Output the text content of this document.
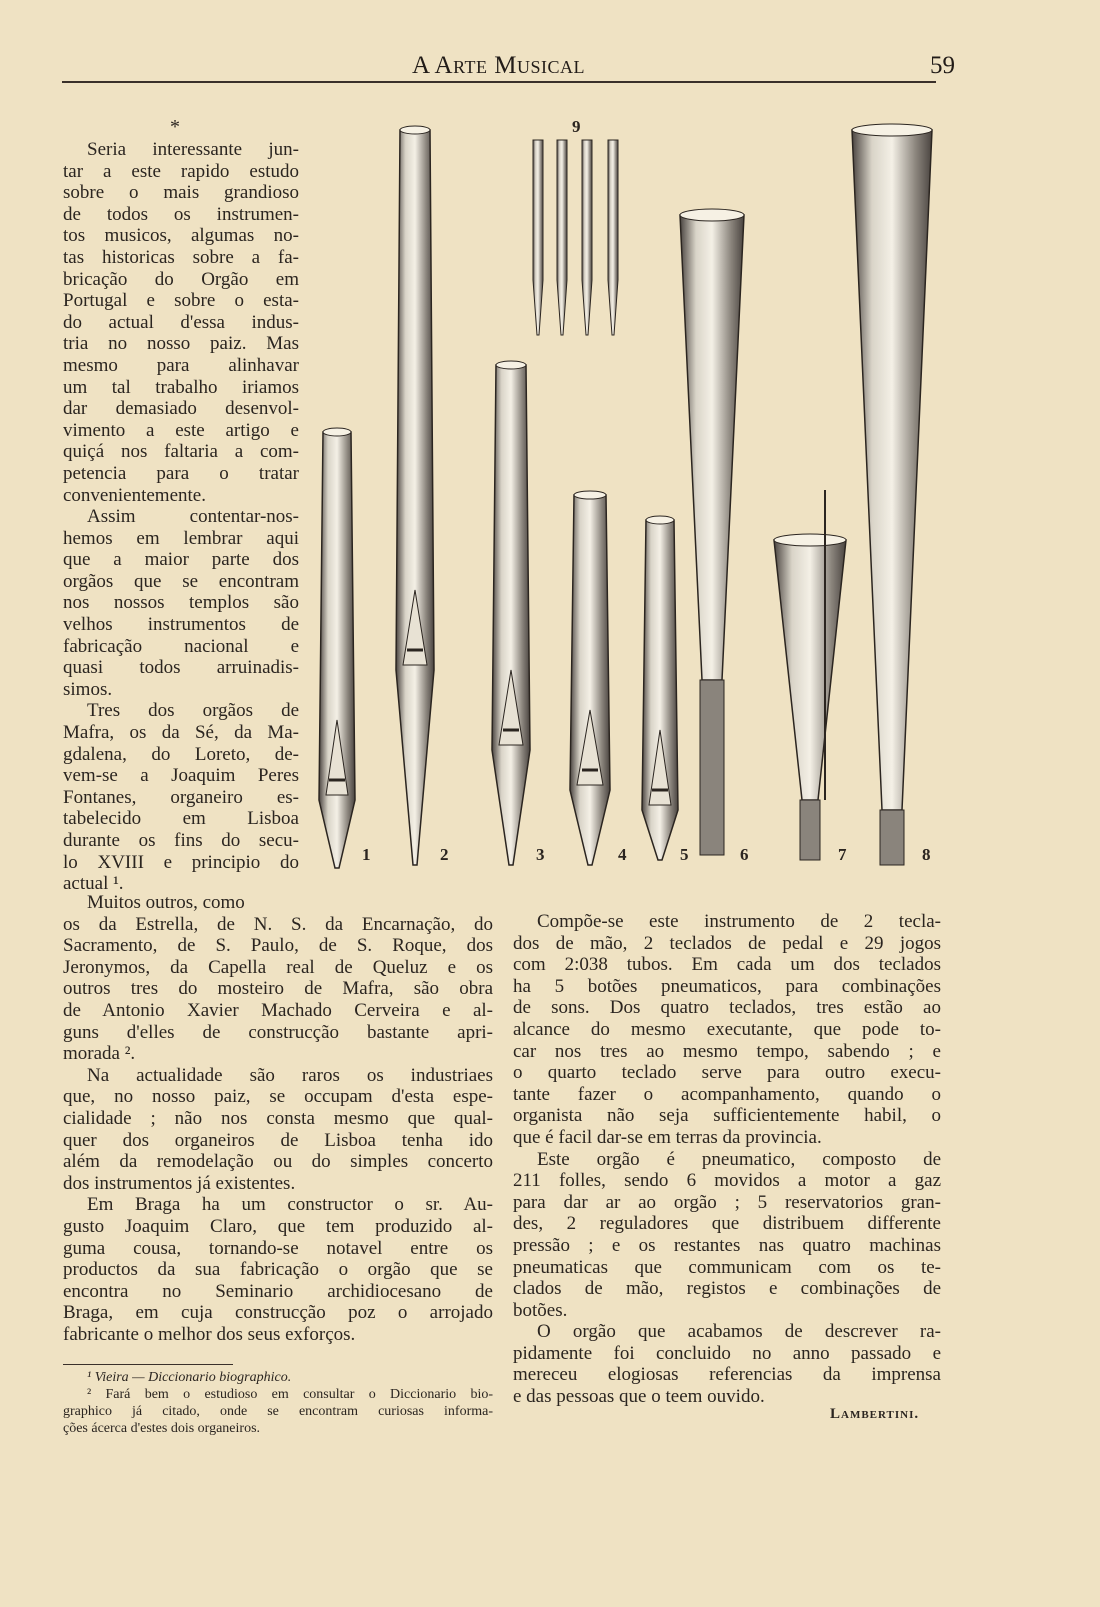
A Arte Musical	59
*
Seria interessante jun-
tar a este rapido estudo
sobre o mais grandioso
de todos os instrumen-
tos musicos, algumas no-
tas historicas sobre a fa-
bricação do Orgão em
Portugal e sobre o esta-
do actual d'essa indus-
tria no nosso paiz. Mas
mesmo para alinhavar
um tal trabalho iriamos
dar demasiado desenvol-
vimento a este artigo e
quiçá nos faltaria a com-
petencia para o tratar
convenientemente.
Assim contentar-nos-
hemos em lembrar aqui
que a maior parte dos
orgãos que se encontram
nos nossos templos são
velhos instrumentos de
fabricação nacional e
quasi todos arruinadis-
simos.
Tres dos orgãos de
Mafra, os da Sé, da Ma-
gdalena, do Loreto, de-
vem-se a Joaquim Peres
Fontanes, organeiro es-
tabelecido em Lisboa
durante os fins do secu-
lo XVIII e principio do
actual ¹.
Muitos outros, como
os da Estrella, de N. S. da Encarnação, do
Sacramento, de S. Paulo, de S. Roque, dos
Jeronymos, da Capella real de Queluz e os
outros tres do mosteiro de Mafra, são obra
de Antonio Xavier Machado Cerveira e al-
guns d'elles de construcção bastante apri-
morada ².
Na actualidade são raros os industriaes
que, no nosso paiz, se occupam d'esta espe-
cialidade ; não nos consta mesmo que qual-
quer dos organeiros de Lisboa tenha ido
além da remodelação ou do simples concerto
dos instrumentos já existentes.
Em Braga ha um constructor o sr. Au-
gusto Joaquim Claro, que tem produzido al-
guma cousa, tornando-se notavel entre os
productos da sua fabricação o orgão que se
encontra no Seminario archidiocesano de
Braga, em cuja construcção poz o arrojado
fabricante o melhor dos seus exforços.
Compõe-se este instrumento de 2 tecla-
dos de mão, 2 teclados de pedal e 29 jogos
com 2:038 tubos. Em cada um dos teclados
ha 5 botões pneumaticos, para combinações
de sons. Dos quatro teclados, tres estão ao
alcance do mesmo executante, que pode to-
car nos tres ao mesmo tempo, sabendo ; e
o quarto teclado serve para outro execu-
tante fazer o acompanhamento, quando o
organista não seja sufficientemente habil, o
que é facil dar-se em terras da provincia.
Este orgão é pneumatico, composto de
211 folles, sendo 6 movidos a motor a gaz
para dar ar ao orgão ; 5 reservatorios gran-
des, 2 reguladores que distribuem differente
pressão ; e os restantes nas quatro machinas
pneumaticas que communicam com os te-
clados de mão, registos e combinações de
botões.
O orgão que acabamos de descrever ra-
pidamente foi concluido no anno passado e
mereceu elogiosas referencias da imprensa
e das pessoas que o teem ouvido.
Lambertini.
¹ Vieira — Diccionario biographico.
² Fará bem o estudioso em consultar o Diccionario bio-
graphico já citado, onde se encontram curiosas informa-
ções ácerca d'estes dois organeiros.
1	2	3	4	5	6	7	8
9
